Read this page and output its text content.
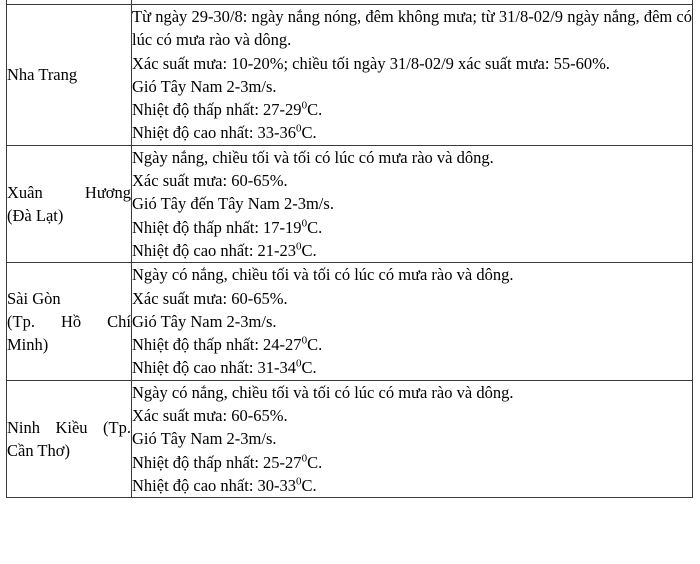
Nha Trang	Từ ngày 29-30/8: ngày nắng nóng, đêm không mưa; từ 31/8-02/9 ngày nắng, đêm có lúc có mưa rào và dông.
Xác suất mưa: 10-20%; chiều tối ngày 31/8-02/9 xác suất mưa: 55-60%.
Gió Tây Nam 2-3m/s.
Nhiệt độ thấp nhất: $27-29^0C$.
Nhiệt độ cao nhất: $33-36^0C$.

Xuân Hương
(Đà Lạt)	Ngày nắng, chiều tối và tối có lúc có mưa rào và dông.
Xác suất mưa: 60-65%.
Gió Tây đến Tây Nam 2-3m/s.
Nhiệt độ thấp nhất: $17-19^0C$.
Nhiệt độ cao nhất: $21-23^0C$.

Sài Gòn
(Tp. Hồ Chí
Minh)	Ngày có nắng, chiều tối và tối có lúc có mưa rào và dông.
Xác suất mưa: 60-65%.
Gió Tây Nam 2-3m/s.
Nhiệt độ thấp nhất: $24-27^0C$.
Nhiệt độ cao nhất: $31-34^0C$.

Ninh Kiều (Tp.
Cần Thơ)	Ngày có nắng, chiều tối và tối có lúc có mưa rào và dông.
Xác suất mưa: 60-65%.
Gió Tây Nam 2-3m/s.
Nhiệt độ thấp nhất: $25-27^0C$.
Nhiệt độ cao nhất: $30-33^0C$.
